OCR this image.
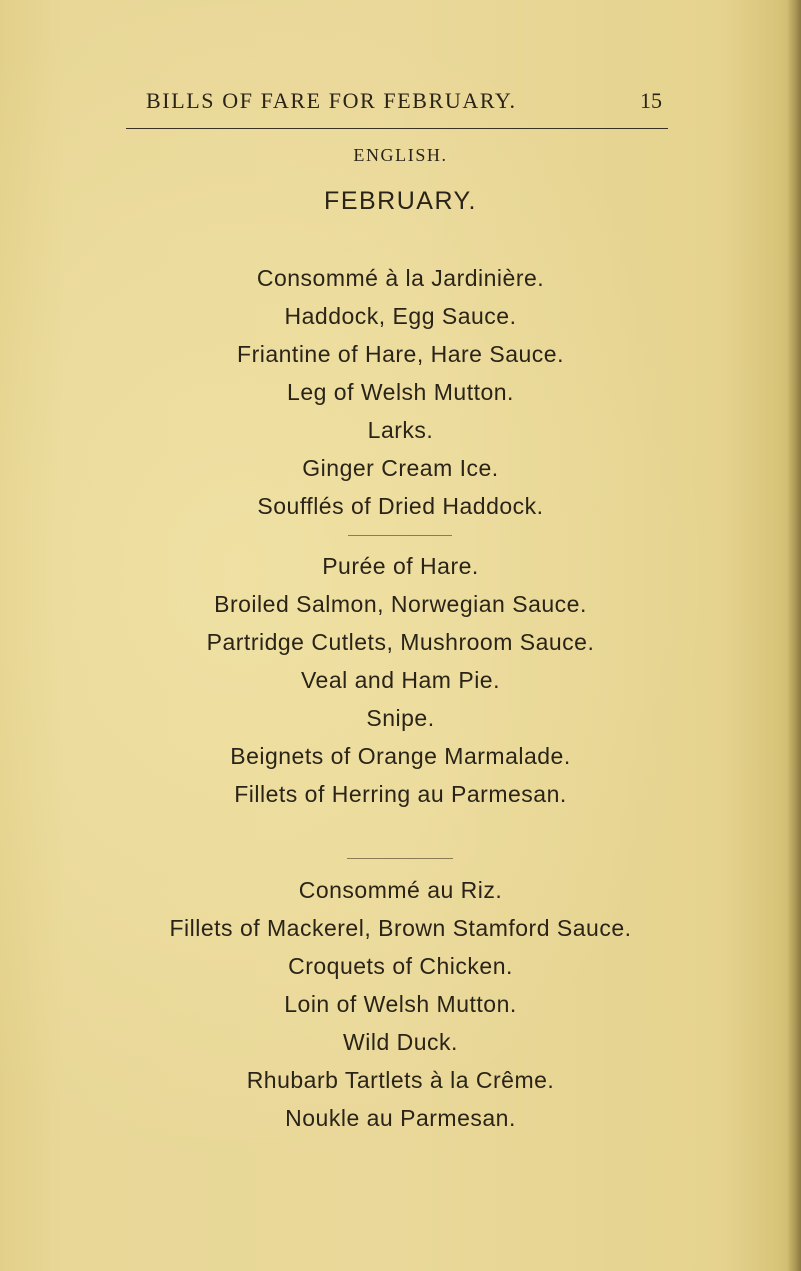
BILLS OF FARE FOR FEBRUARY.	15
ENGLISH.
FEBRUARY.
Consommé à la Jardinière.
Haddock, Egg Sauce.
Friantine of Hare, Hare Sauce.
Leg of Welsh Mutton.
Larks.
Ginger Cream Ice.
Soufflés of Dried Haddock.
Purée of Hare.
Broiled Salmon, Norwegian Sauce.
Partridge Cutlets, Mushroom Sauce.
Veal and Ham Pie.
Snipe.
Beignets of Orange Marmalade.
Fillets of Herring au Parmesan.
Consommé au Riz.
Fillets of Mackerel, Brown Stamford Sauce.
Croquets of Chicken.
Loin of Welsh Mutton.
Wild Duck.
Rhubarb Tartlets à la Crême.
Noukle au Parmesan.
